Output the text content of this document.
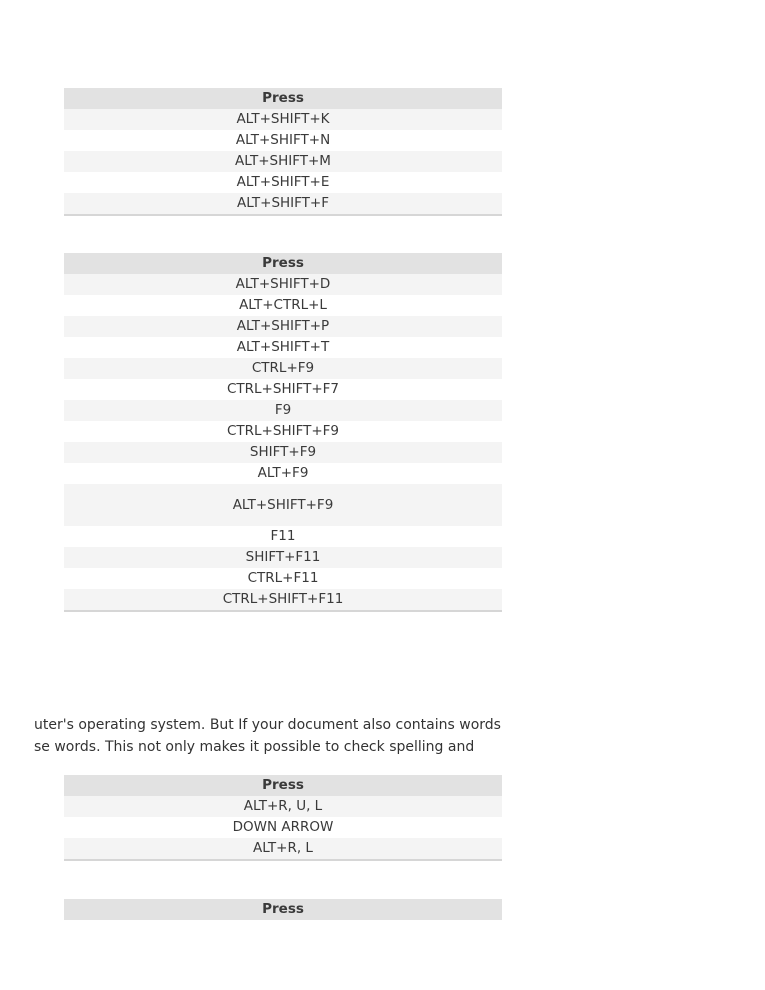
Press
ALT+SHIFT+K
ALT+SHIFT+N
ALT+SHIFT+M
ALT+SHIFT+E
ALT+SHIFT+F
Press
ALT+SHIFT+D
ALT+CTRL+L
ALT+SHIFT+P
ALT+SHIFT+T
CTRL+F9
CTRL+SHIFT+F7
F9
CTRL+SHIFT+F9
SHIFT+F9
ALT+F9
ALT+SHIFT+F9
F11
SHIFT+F11
CTRL+F11
CTRL+SHIFT+F11
uter's operating system. But If your document also contains words
se words. This not only makes it possible to check spelling and
Press
ALT+R, U, L
DOWN ARROW
ALT+R, L
Press
